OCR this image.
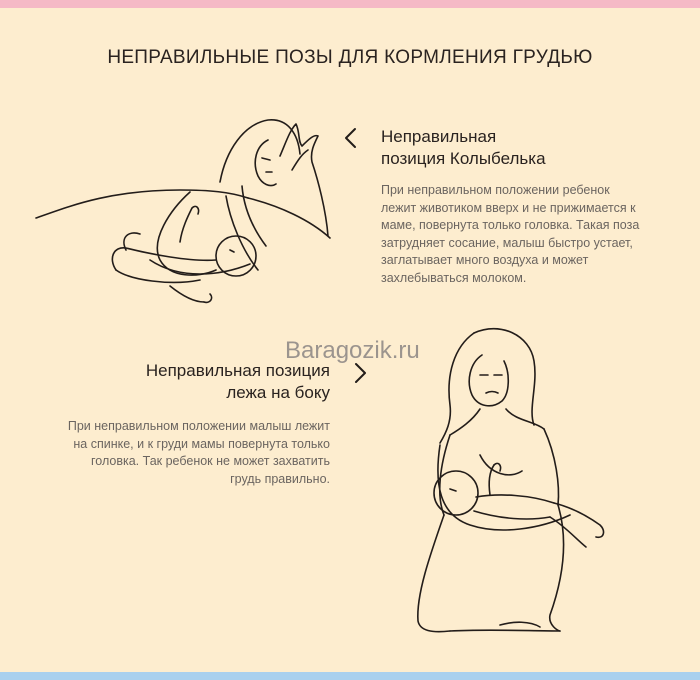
НЕПРАВИЛЬНЫЕ ПОЗЫ ДЛЯ КОРМЛЕНИЯ ГРУДЬЮ
Неправильная
позиция Колыбелька
При неправильном положении ребенок лежит животиком вверх и не прижимается к маме, повернута только головка. Такая поза затрудняет сосание, малыш быстро устает, заглатывает много воздуха и может захлебываться молоком.
Baragozik.ru
Неправильная позиция
лежа на боку
При неправильном положении малыш лежит на спинке, и к груди мамы повернута только головка. Так ребенок не может захватить грудь правильно.
